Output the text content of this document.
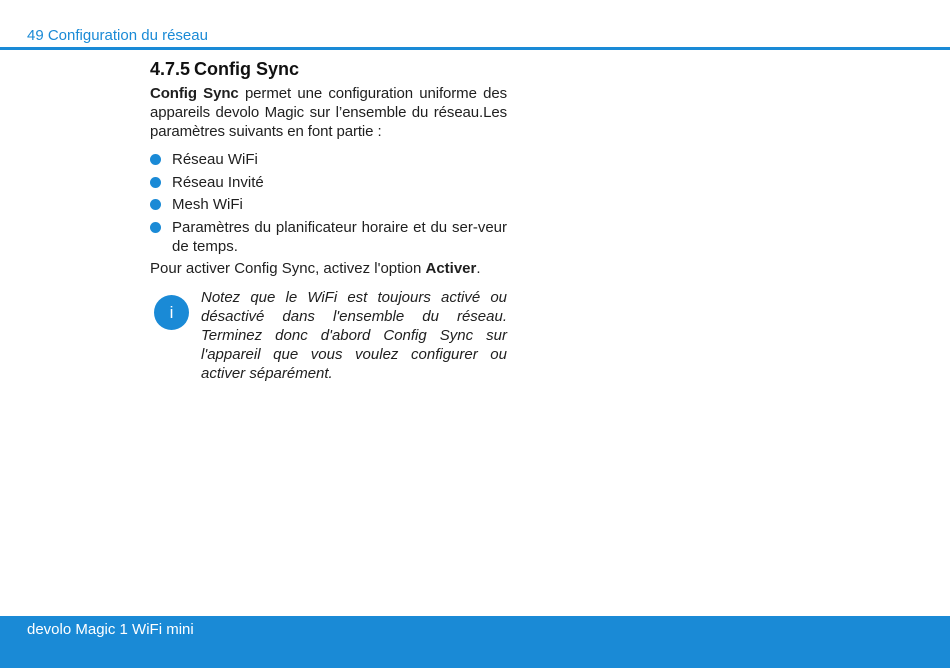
49 Configuration du réseau
4.7.5 Config Sync

Config Sync permet une configuration uniforme des appareils devolo Magic sur l’ensemble du réseau.Les paramètres suivants en font partie :

Réseau WiFi
Réseau Invité
Mesh WiFi
Paramètres du planificateur horaire et du ser-veur de temps.

Pour activer Config Sync, activez l'option Activer.

i

Notez que le WiFi est toujours activé ou désactivé dans l'ensemble du réseau. Terminez donc d'abord Config Sync sur l'appareil que vous voulez configurer ou activer séparément.

devolo Magic 1 WiFi mini
